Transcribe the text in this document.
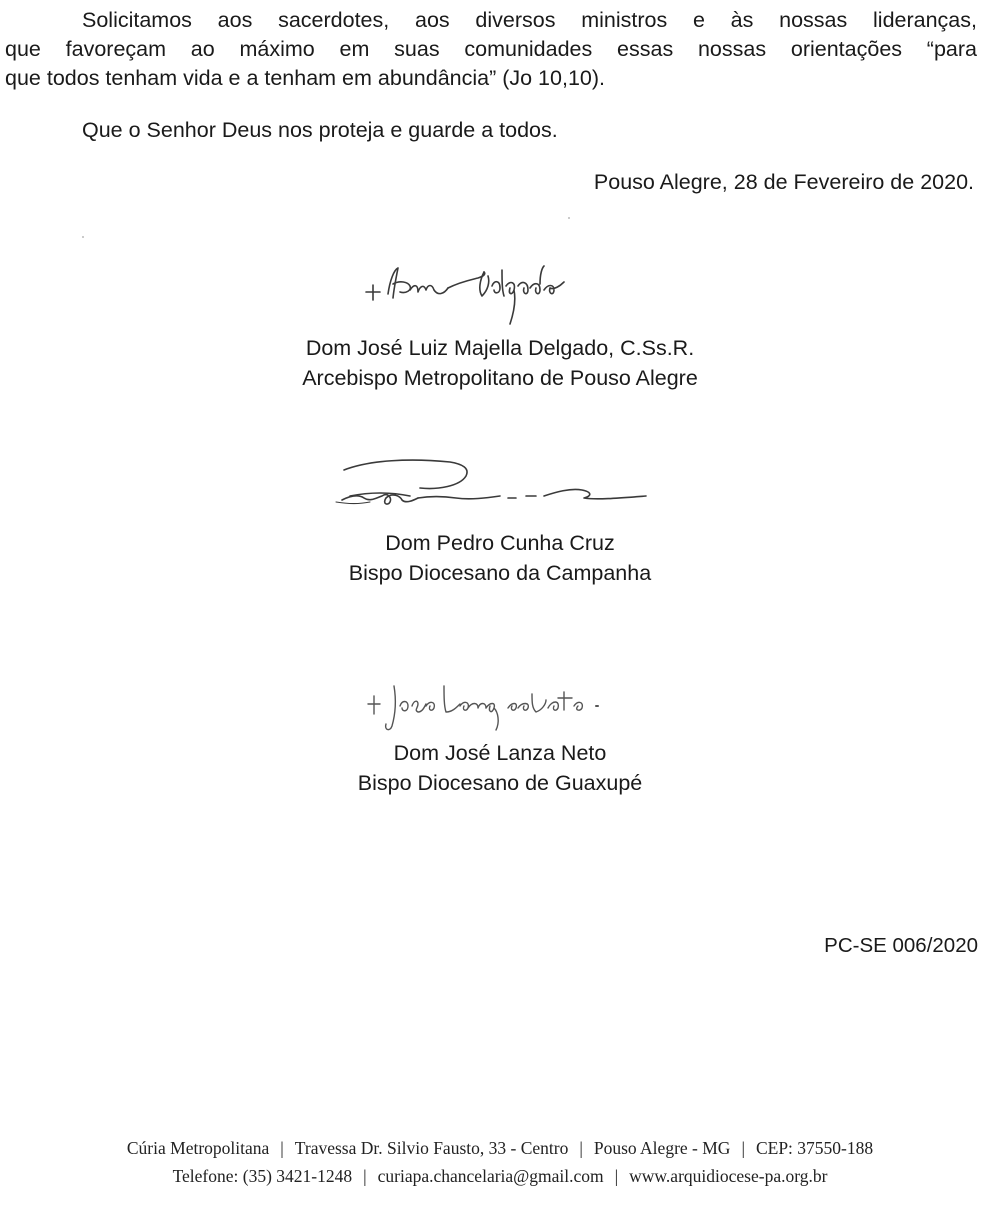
Solicitamos aos sacerdotes, aos diversos ministros e às nossas lideranças,
que favoreçam ao máximo em suas comunidades essas nossas orientações “para
que todos tenham vida e a tenham em abundância” (Jo 10,10).
Que o Senhor Deus nos proteja e guarde a todos.
Pouso Alegre, 28 de Fevereiro de 2020.
Dom José Luiz Majella Delgado, C.Ss.R.
Arcebispo Metropolitano de Pouso Alegre
Dom Pedro Cunha Cruz
Bispo Diocesano da Campanha
Dom José Lanza Neto
Bispo Diocesano de Guaxupé
PC-SE 006/2020
Cúria Metropolitana | Travessa Dr. Silvio Fausto, 33 - Centro | Pouso Alegre - MG | CEP: 37550-188
Telefone: (35) 3421-1248 | curiapa.chancelaria@gmail.com | www.arquidiocese-pa.org.br
